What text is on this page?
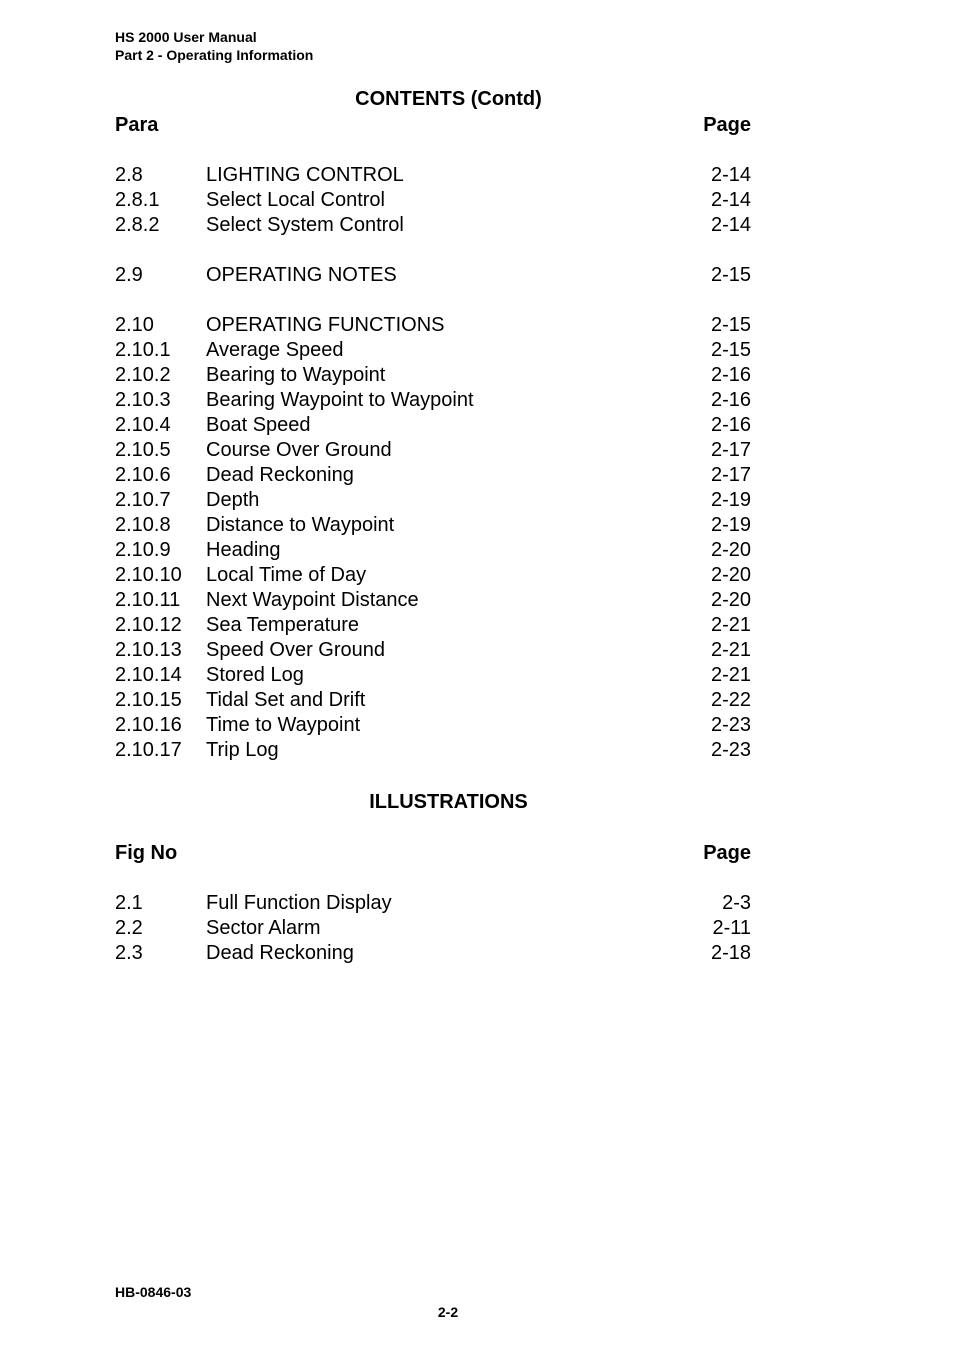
HS 2000 User Manual
Part 2 - Operating Information
CONTENTS (Contd)
Para	Page
2.8	LIGHTING CONTROL	2-14
2.8.1 Select Local Control	2-14
2.8.2 Select System Control	2-14
2.9	OPERATING NOTES	2-15
2.10	OPERATING FUNCTIONS	2-15
2.10.1 Average Speed	2-15
2.10.2 Bearing to Waypoint	2-16
2.10.3 Bearing Waypoint to Waypoint	2-16
2.10.4 Boat Speed	2-16
2.10.5 Course Over Ground	2-17
2.10.6 Dead Reckoning	2-17
2.10.7 Depth	2-19
2.10.8 Distance to Waypoint	2-19
2.10.9 Heading	2-20
2.10.10 Local Time of Day	2-20
2.10.11 Next Waypoint Distance	2-20
2.10.12 Sea Temperature	2-21
2.10.13 Speed Over Ground	2-21
2.10.14 Stored Log	2-21
2.10.15 Tidal Set and Drift	2-22
2.10.16 Time to Waypoint	2-23
2.10.17 Trip Log	2-23
ILLUSTRATIONS
Fig No	Page
2.1	Full Function Display	2-3
2.2	Sector Alarm	2-11
2.3	Dead Reckoning	2-18
HB-0846-03
2-2
